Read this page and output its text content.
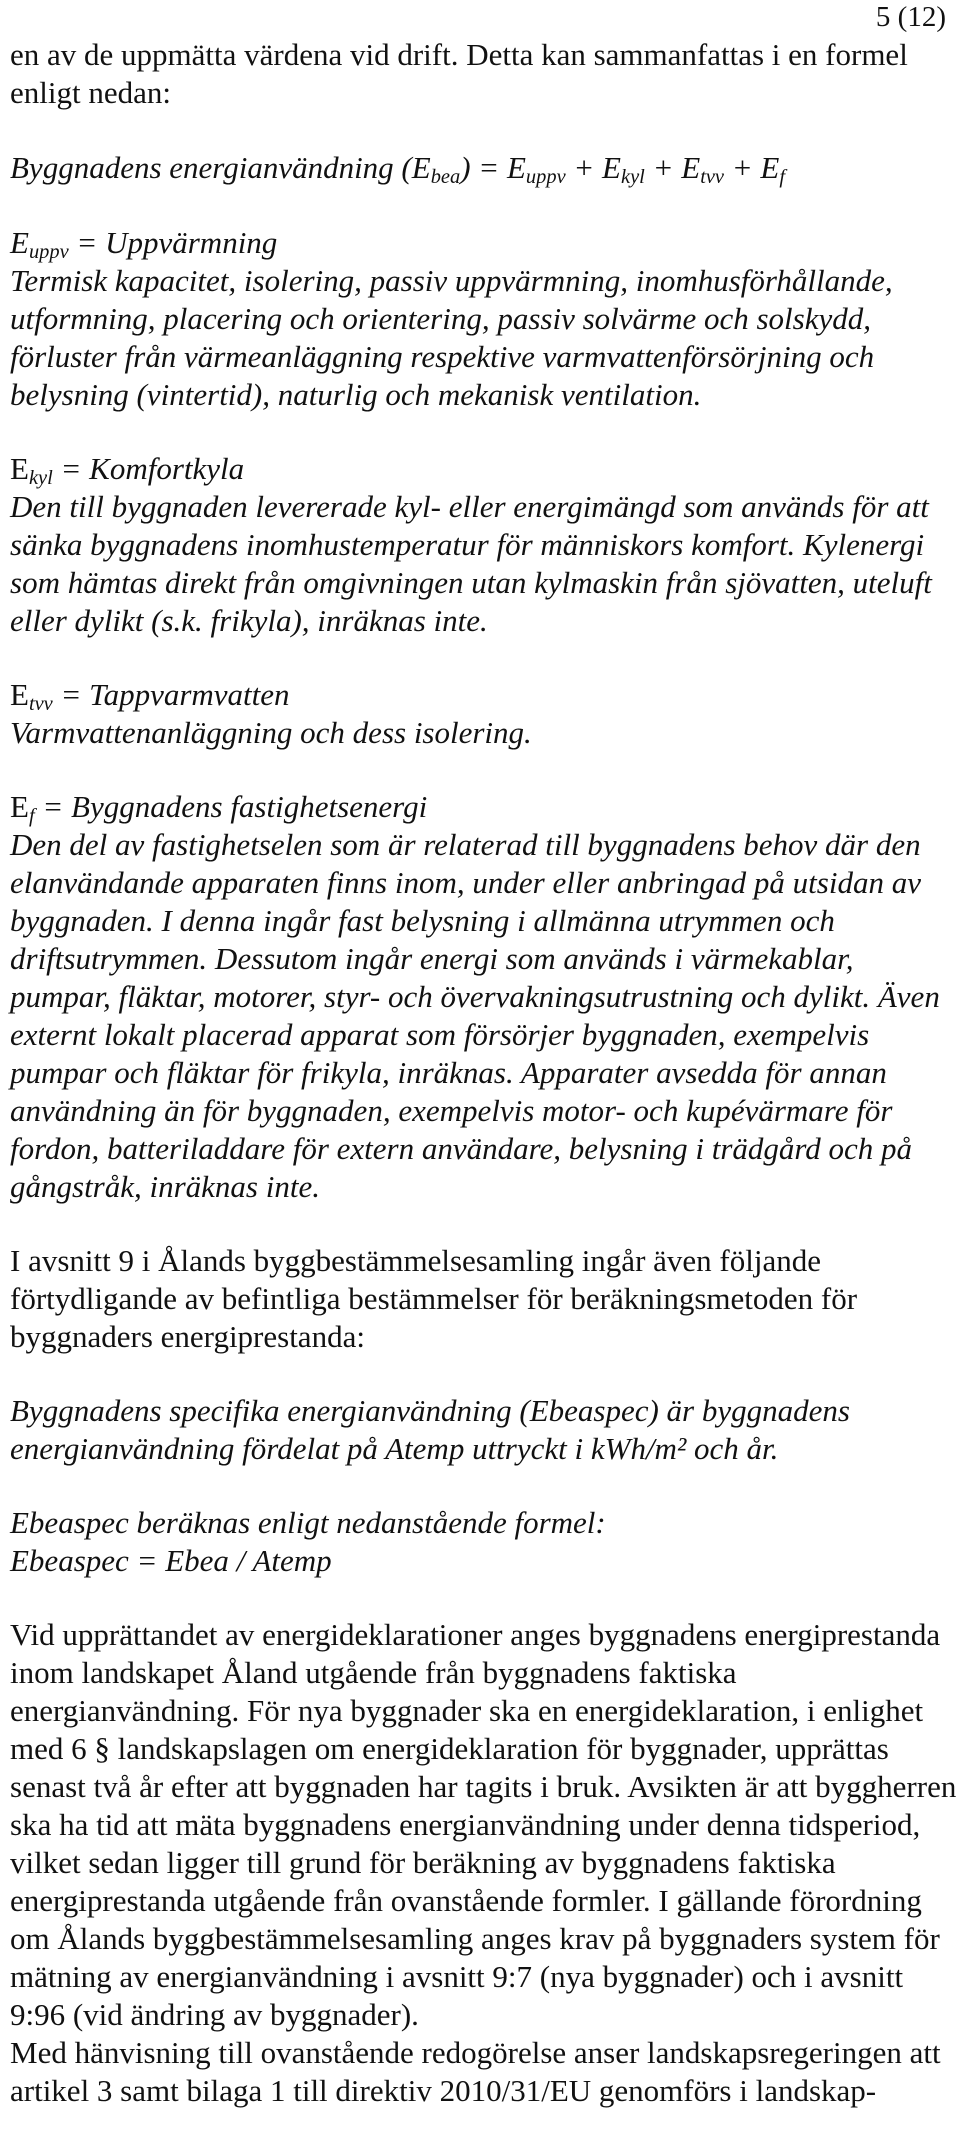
5 (12)

en av de uppmätta värdena vid drift. Detta kan sammanfattas i en formel enligt nedan:

Byggnadens energianvändning $(E_{bea}) = E_{uppv} + E_{kyl} + E_{tvv} + E_f$

$E_{uppv}$ = Uppvärmning

Termisk kapacitet, isolering, passiv uppvärmning, inomhusförhållande, utformning, placering och orientering, passiv solvärme och solskydd, förluster från värmeanläggning respektive varmvattenförsörjning och belysning (vintertid), naturlig och mekanisk ventilation.

$E_{kyl}$ = Komfortkyla

Den till byggnaden levererade kyl- eller energimängd som används för att sänka byggnadens inomhustemperatur för människors komfort. Kylenergi som hämtas direkt från omgivningen utan kylmaskin från sjövatten, uteluft eller dylikt (s.k. frikyla), inräknas inte.

$E_{tvv}$ = Tappvarmvatten

Varmvattenanläggning och dess isolering.

$E_f$ = Byggnadens fastighetsenergi

Den del av fastighetselen som är relaterad till byggnadens behov där den elanvändande apparaten finns inom, under eller anbringad på utsidan av byggnaden. I denna ingår fast belysning i allmänna utrymmen och driftsutrymmen. Dessutom ingår energi som används i värmekablar, pumpar, fläktar, motorer, styr- och övervakningsutrustning och dylikt. Även externt lokalt placerad apparat som försörjer byggnaden, exempelvis pumpar och fläktar för frikyla, inräknas. Apparater avsedda för annan användning än för byggnaden, exempelvis motor- och kupévärmare för fordon, batteriladdare för extern användare, belysning i trädgård och på gångstråk, inräknas inte.

I avsnitt 9 i Ålands byggbestämmelsesamling ingår även följande förtydligande av befintliga bestämmelser för beräkningsmetoden för byggnaders energiprestanda:

Byggnadens specifika energianvändning (Ebeaspec) är byggnadens energianvändning fördelat på Atemp uttryckt i kWh/m² och år.

Ebeaspec beräknas enligt nedanstående formel:

Ebeaspec = Ebea / Atemp

Vid upprättandet av energideklarationer anges byggnadens energiprestanda inom landskapet Åland utgående från byggnadens faktiska energianvändning. För nya byggnader ska en energideklaration, i enlighet med 6 § landskapslagen om energideklaration för byggnader, upprättas senast två år efter att byggnaden har tagits i bruk. Avsikten är att byggherren ska ha tid att mäta byggnadens energianvändning under denna tidsperiod, vilket sedan ligger till grund för beräkning av byggnadens faktiska energiprestanda utgående från ovanstående formler. I gällande förordning om Ålands byggbestämmelsesamling anges krav på byggnaders system för mätning av energianvändning i avsnitt 9:7 (nya byggnader) och i avsnitt 9:96 (vid ändring av byggnader).

Med hänvisning till ovanstående redogörelse anser landskapsregeringen att artikel 3 samt bilaga 1 till direktiv 2010/31/EU genomförs i landskap-
